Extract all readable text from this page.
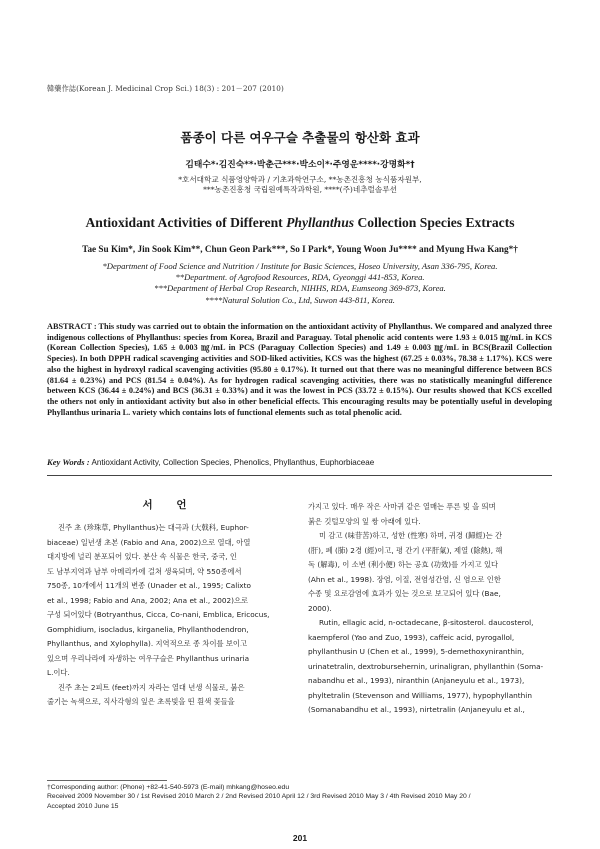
韓藥作誌(Korean J. Medicinal Crop Sci.) 18(3) : 201－207 (2010)
품종이 다른 여우구슬 추출물의 항산화 효과
김태수*·김진숙**·박춘근***·박소이*·주영운****·강명화*†
*호서대학교 식품영양학과 / 기초과학연구소, **농촌진흥청 농식품자원부,
***농촌진흥청 국립원예특작과학원, ****(주)네추럴솔루션
Antioxidant Activities of Different Phyllanthus Collection Species Extracts
Tae Su Kim*, Jin Sook Kim**, Chun Geon Park***, So I Park*, Young Woon Ju**** and Myung Hwa Kang*†
*Department of Food Science and Nutrition / Institute for Basic Sciences, Hoseo University, Asan 336-795, Korea.
**Department. of Agrofood Resources, RDA, Gyeonggi 441-853, Korea.
***Department of Herbal Crop Research, NIHHS, RDA, Eumseong 369-873, Korea.
****Natural Solution Co., Ltd, Suwon 443-811, Korea.
ABSTRACT : This study was carried out to obtain the information on the antioxidant activity of Phyllanthus. We compared and analyzed three indigenous collections of Phyllanthus: species from Korea, Brazil and Paraguay. Total phenolic acid contents were 1.93 ± 0.015 ㎎/mL in KCS (Korean Collection Species), 1.65 ± 0.003 ㎎/mL in PCS (Paraguay Collection Species) and 1.49 ± 0.003 ㎎/mL in BCS(Brazil Collection Species). In both DPPH radical scavenging activities and SOD-liked activities, KCS was the highest (67.25 ± 0.03%, 78.38 ± 1.17%). KCS were also the highest in hydroxyl radical scavenging activities (95.80 ± 0.17%). It turned out that there was no meaningful difference between BCS (81.64 ± 0.23%) and PCS (81.54 ± 0.04%). As for hydrogen radical scavenging activities, there was no statistically meaningful difference between KCS (36.44 ± 0.24%) and BCS (36.31 ± 0.33%) and it was the lowest in PCS (33.72 ± 0.15%). Our results showed that KCS excelled the others not only in antioxidant activity but also in other beneficial effects. This encouraging results may be potentially useful in developing Phyllanthus urinaria L. variety which contains lots of functional elements such as total phenolic acid.
Key Words : Antioxidant Activity, Collection Species, Phenolics, Phyllanthus, Euphorbiaceae
서 언
진주 초 (珍珠草, Phyllanthus)는 대극과 (大戟科, Euphor-
biaceae) 일년생 초본 (Fabio and Ana, 2002)으로 열대, 아열
대지방에 널리 분포되어 있다. 분산 속 식물은 한국, 중국, 인
도 남부지역과 남부 아메리카에 걸쳐 생육되며, 약 550종에서
750종, 10개에서 11개의 변종 (Unader et al., 1995; Calixto
et al., 1998; Fabio and Ana, 2002; Ana et al., 2002)으로
구성 되어있다 (Botryanthus, Cicca, Co-nani, Emblica, Ericocus,
Gomphidium, isocladus, kirganelia, Phyllanthodendron,
Phyllanthus, and Xylophylla). 지역적으로 종 차이를 보이고
있으며 우리나라에 자생하는 여우구슬은 Phyllanthus urinaria
L.이다.
진주 초는 2피트 (feet)까지 자라는 열대 년생 식물로, 붉은
줄기는 녹색으로, 직사각형의 잎은 초록빛을 띤 흰색 꽃들을
가지고 있다. 매우 작은 사마귀 같은 열매는 푸른 빛 을 띄며
붉은 깃털모양의 잎 쌍 아래에 있다.
미 감고 (味苷苦)하고, 성한 (性寒) 하며, 귀경 (歸經)는 간
(肝), 폐 (肺) 2경 (經)이고, 평 간기 (平肝氣), 제열 (除熱), 해
독 (解毒), 이 소변 (利小便) 하는 공효 (功效)를 가지고 있다
(Ahn et al., 1998). 장염, 이질, 전염성간염, 신 염으로 인한
수종 및 요로감염에 효과가 있는 것으로 보고되어 있다 (Bae,
2000).
Rutin, ellagic acid, n-octadecane, β-sitosterol. daucosterol,
kaempferol (Yao and Zuo, 1993), caffeic acid, pyrogallol,
phyllanthusin U (Chen et al., 1999), 5-demethoxyniranthin,
urinatetralin, dextrobursehernin, urinaligran, phyllanthin (Soma-
nabandhu et al., 1993), niranthin (Anjaneyulu et al., 1973),
phyltetralin (Stevenson and Williams, 1977), hypophyllanthin
(Somanabandhu et al., 1993), nirtetralin (Anjaneyulu et al.,
†Corresponding author: (Phone) +82-41-540-5973 (E-mail) mhkang@hoseo.edu
Received 2009 November 30 / 1st Revised 2010 March 2 / 2nd Revised 2010 April 12 / 3rd Revised 2010 May 3 / 4th Revised 2010 May 20 /
Accepted 2010 June 15
201
